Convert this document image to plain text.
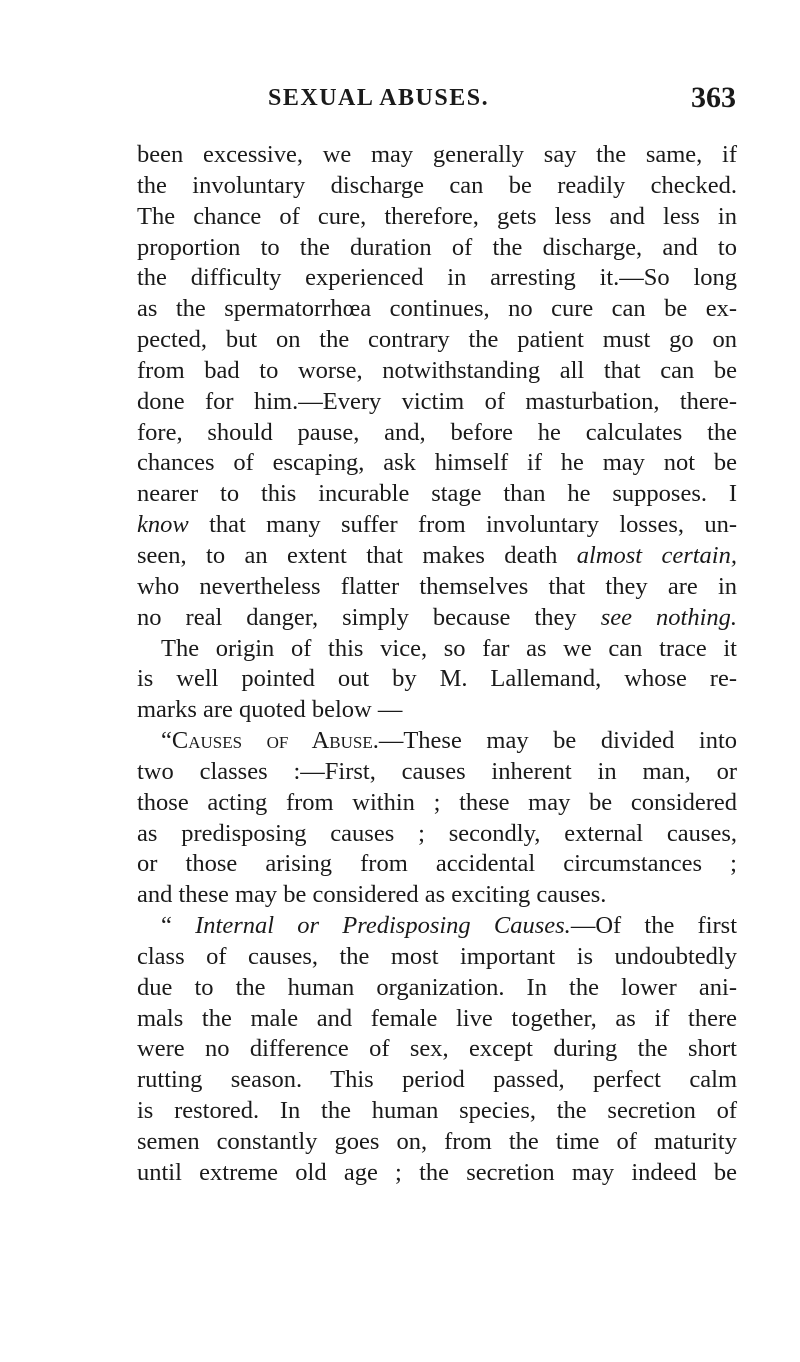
SEXUAL ABUSES.	363
been excessive, we may generally say the same, if
the involuntary discharge can be readily checked.
The chance of cure, therefore, gets less and less in
proportion to the duration of the discharge, and to
the difficulty experienced in arresting it.—So long
as the spermatorrhœa continues, no cure can be ex-
pected, but on the contrary the patient must go on
from bad to worse, notwithstanding all that can be
done for him.—Every victim of masturbation, there-
fore, should pause, and, before he calculates the
chances of escaping, ask himself if he may not be
nearer to this incurable stage than he supposes. I
know that many suffer from involuntary losses, un-
seen, to an extent that makes death almost certain,
who nevertheless flatter themselves that they are in
no real danger, simply because they see nothing.
The origin of this vice, so far as we can trace it
is well pointed out by M. Lallemand, whose re-
marks are quoted below —
“Causes of Abuse.—These may be divided into
two classes :—First, causes inherent in man, or
those acting from within ; these may be considered
as predisposing causes ; secondly, external causes,
or those arising from accidental circumstances ;
and these may be considered as exciting causes.
“ Internal or Predisposing Causes.—Of the first
class of causes, the most important is undoubtedly
due to the human organization. In the lower ani-
mals the male and female live together, as if there
were no difference of sex, except during the short
rutting season. This period passed, perfect calm
is restored. In the human species, the secretion of
semen constantly goes on, from the time of maturity
until extreme old age ; the secretion may indeed be
